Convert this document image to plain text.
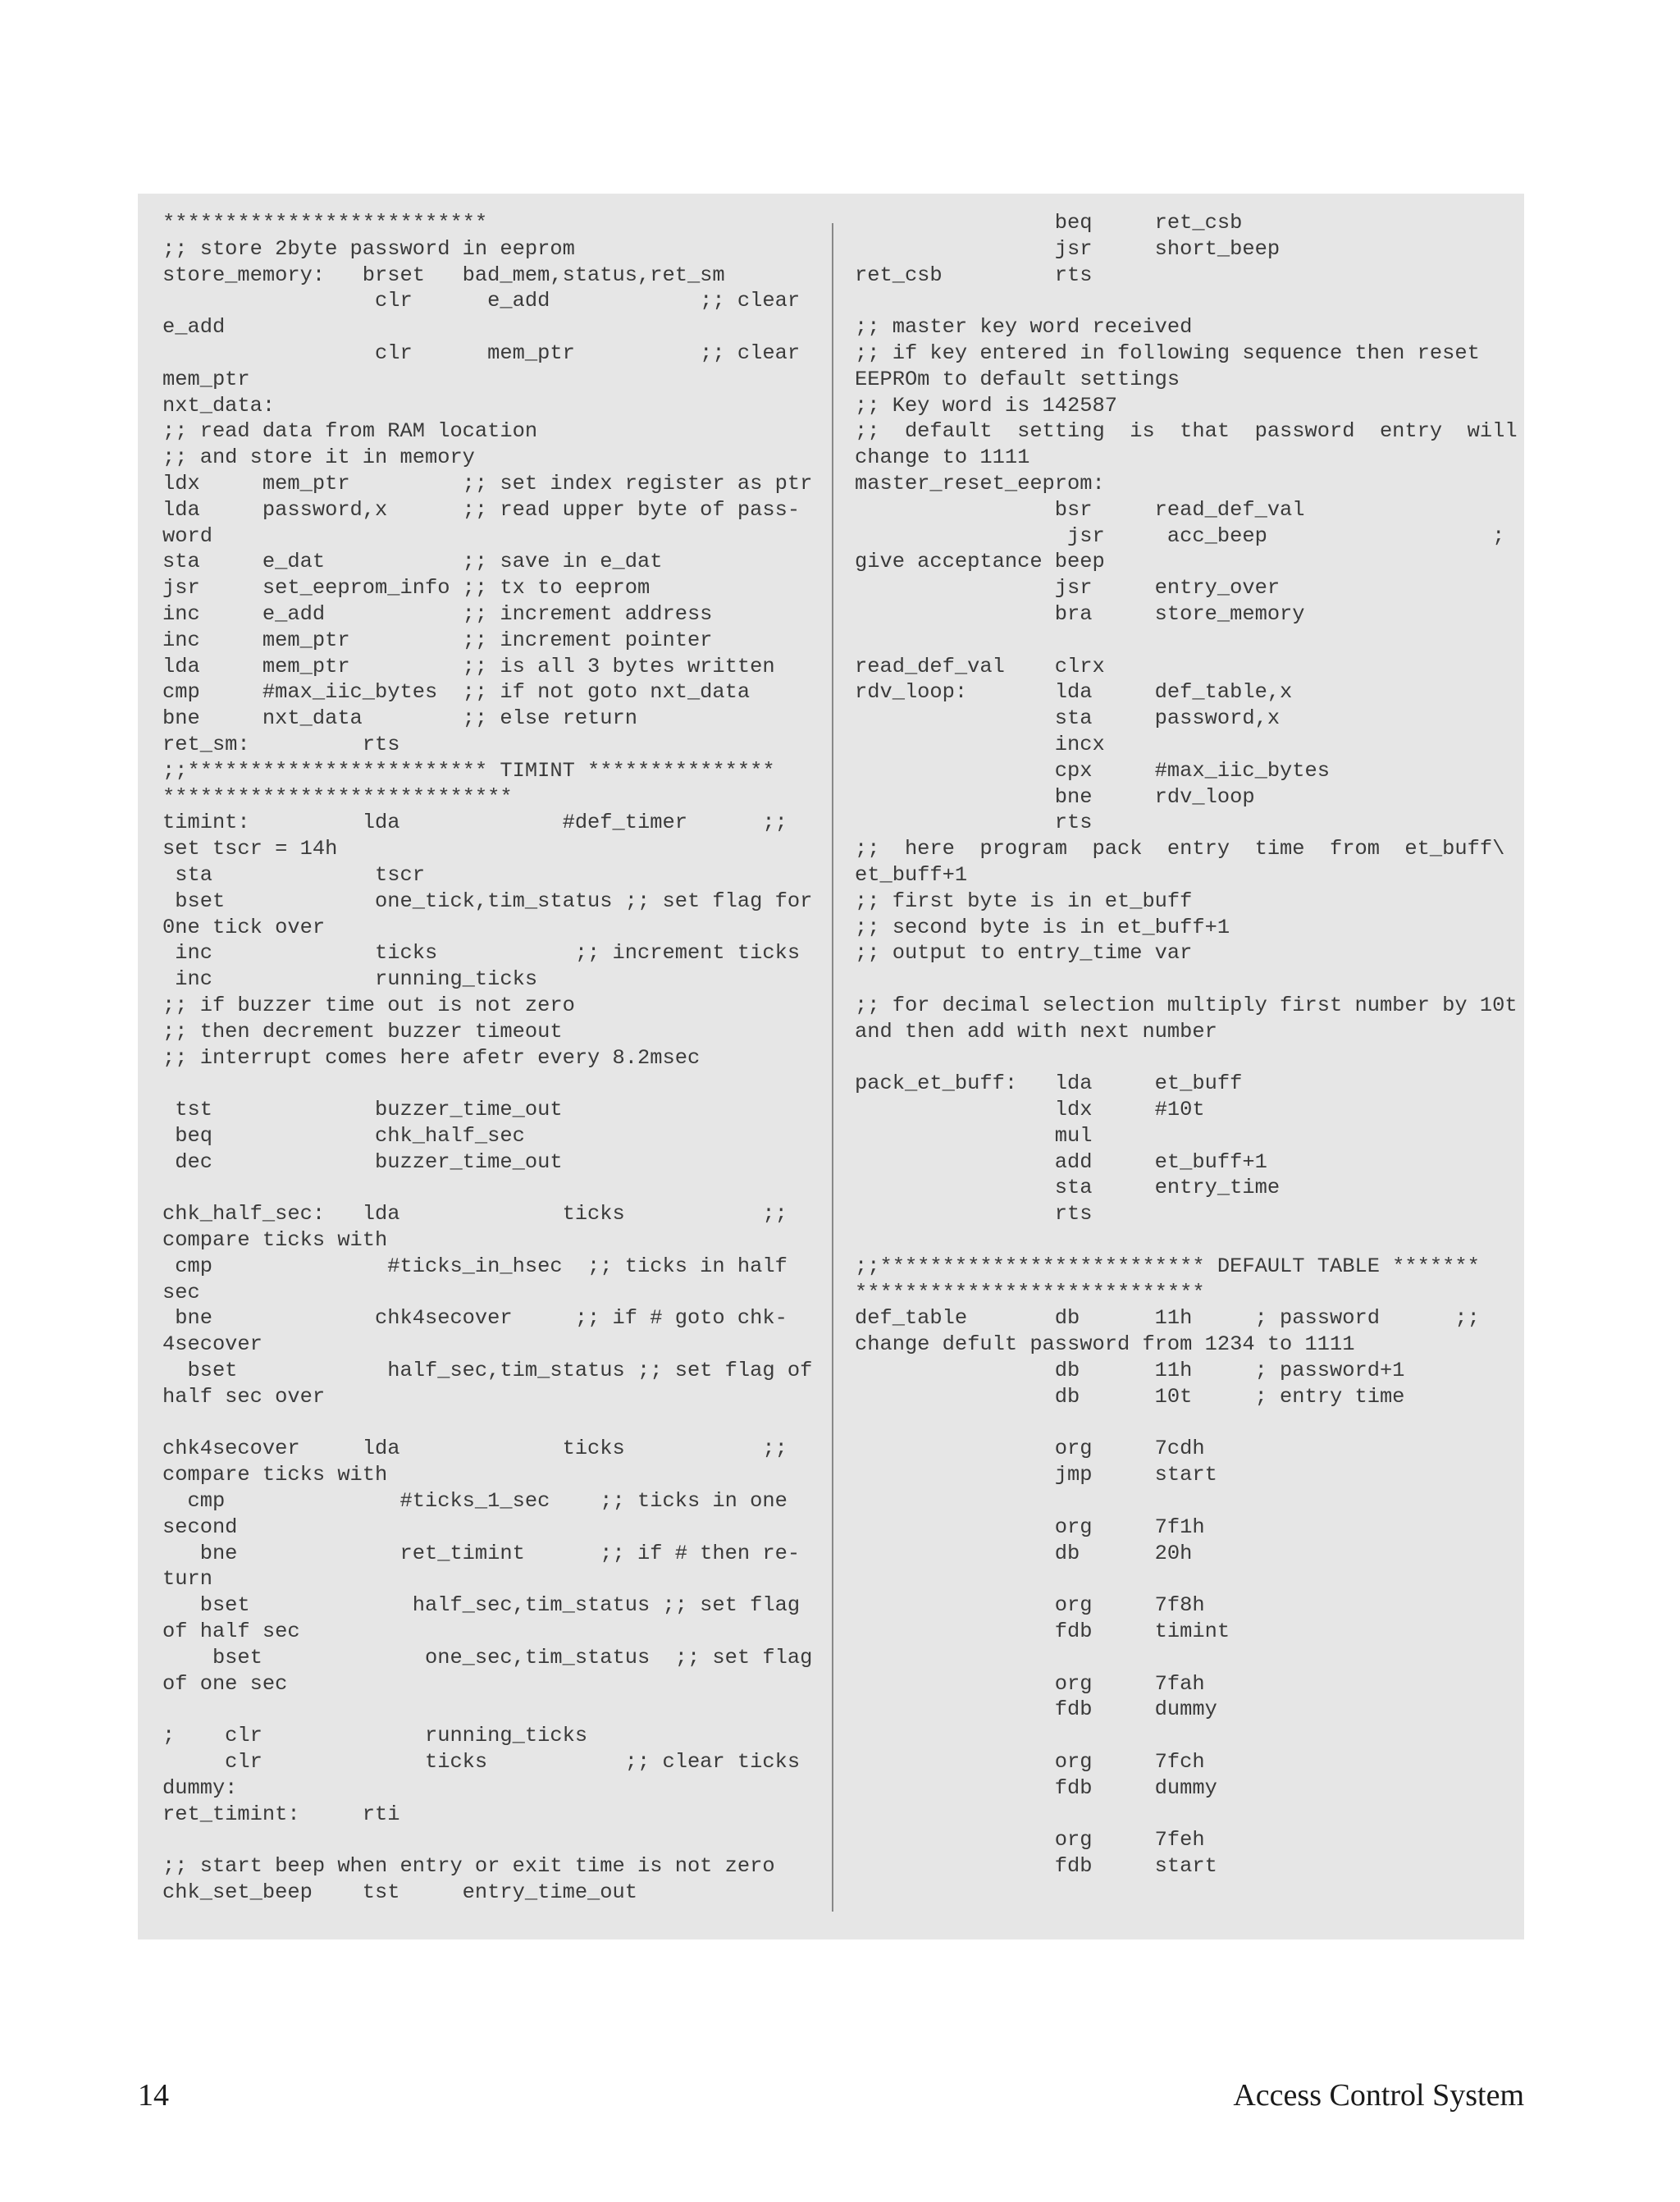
**************************
;; store 2byte password in eeprom
store_memory:   brset   bad_mem,status,ret_sm
clr      e_add            ;; clear
e_add
clr      mem_ptr          ;; clear
mem_ptr
nxt_data:
;; read data from RAM location
;; and store it in memory
ldx     mem_ptr         ;; set index register as ptr
lda     password,x      ;; read upper byte of pass-
word
sta     e_dat           ;; save in e_dat
jsr     set_eeprom_info ;; tx to eeprom
inc     e_add           ;; increment address
inc     mem_ptr         ;; increment pointer
lda     mem_ptr         ;; is all 3 bytes written
cmp     #max_iic_bytes  ;; if not goto nxt_data
bne     nxt_data        ;; else return
ret_sm:         rts
;;************************ TIMINT ***************
****************************
timint:         lda             #def_timer      ;;
set tscr = 14h
sta             tscr
bset            one_tick,tim_status ;; set flag for
0ne tick over
inc             ticks           ;; increment ticks
inc             running_ticks
;; if buzzer time out is not zero
;; then decrement buzzer timeout
;; interrupt comes here afetr every 8.2msec

tst             buzzer_time_out
beq             chk_half_sec
dec             buzzer_time_out

chk_half_sec:   lda             ticks           ;;
compare ticks with
cmp              #ticks_in_hsec  ;; ticks in half
sec
bne             chk4secover     ;; if # goto chk-
4secover
bset            half_sec,tim_status ;; set flag of
half sec over

chk4secover     lda             ticks           ;;
compare ticks with
cmp              #ticks_1_sec    ;; ticks in one
second
bne             ret_timint      ;; if # then re-
turn
bset             half_sec,tim_status ;; set flag
of half sec
bset             one_sec,tim_status  ;; set flag
of one sec

;    clr             running_ticks
clr             ticks           ;; clear ticks
dummy:
ret_timint:     rti

;; start beep when entry or exit time is not zero
chk_set_beep    tst     entry_time_out
beq     ret_csb
jsr     short_beep
ret_csb         rts

;; master key word received
;; if key entered in following sequence then reset
EEPROm to default settings
;; Key word is 142587
;;  default  setting  is  that  password  entry  will
change to 1111
master_reset_eeprom:
bsr     read_def_val
jsr     acc_beep                  ;
give acceptance beep
jsr     entry_over
bra     store_memory

read_def_val    clrx
rdv_loop:       lda     def_table,x
sta     password,x
incx
cpx     #max_iic_bytes
bne     rdv_loop
rts
;;  here  program  pack  entry  time  from  et_buff\
et_buff+1
;; first byte is in et_buff
;; second byte is in et_buff+1
;; output to entry_time var

;; for decimal selection multiply first number by 10t
and then add with next number

pack_et_buff:   lda     et_buff
ldx     #10t
mul
add     et_buff+1
sta     entry_time
rts

;;************************** DEFAULT TABLE *******
****************************
def_table       db      11h     ; password      ;;
change defult password from 1234 to 1111
db      11h     ; password+1
db      10t     ; entry time

org     7cdh
jmp     start

org     7f1h
db      20h

org     7f8h
fdb     timint

org     7fah
fdb     dummy

org     7fch
fdb     dummy

org     7feh
fdb     start
14	Access Control System
